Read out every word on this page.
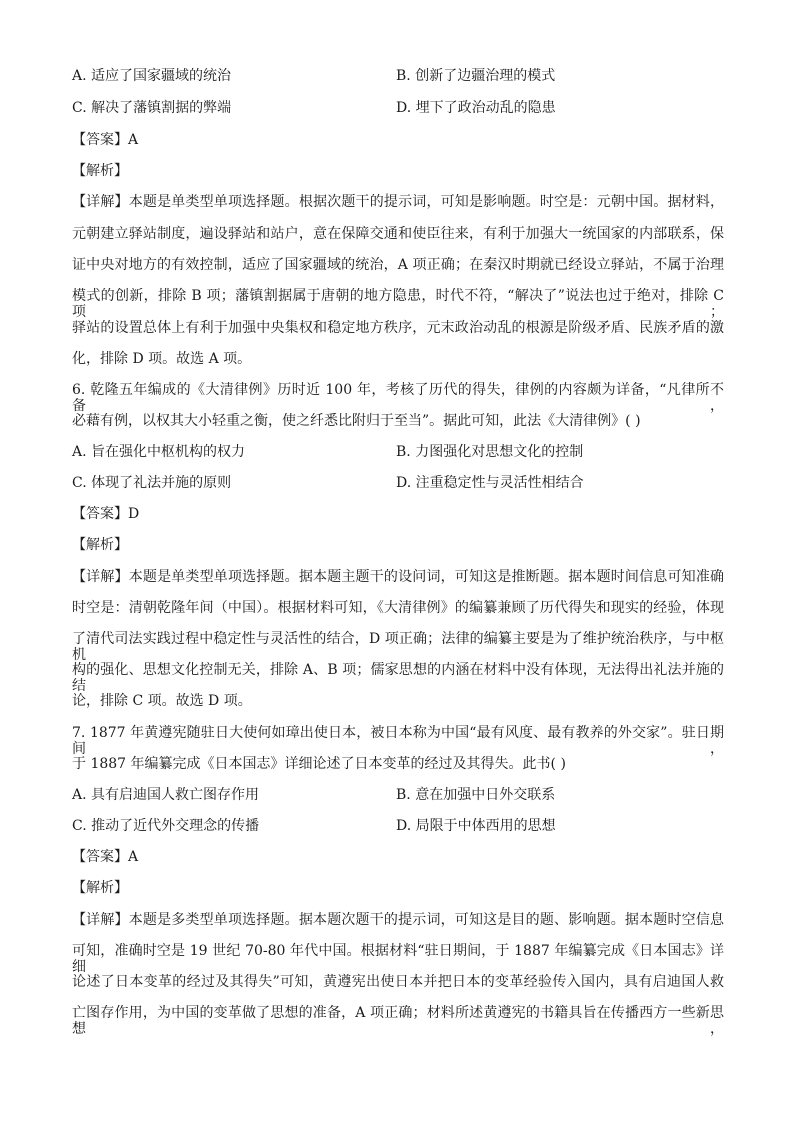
A. 适应了国家疆域的统治	B. 创新了边疆治理的模式
C. 解决了藩镇割据的弊端	D. 埋下了政治动乱的隐患
【答案】A
【解析】
【详解】本题是单类型单项选择题。根据次题干的提示词，可知是影响题。时空是：元朝中国。据材料，
元朝建立驿站制度，遍设驿站和站户，意在保障交通和使臣往来，有利于加强大一统国家的内部联系，保
证中央对地方的有效控制，适应了国家疆域的统治，A 项正确；在秦汉时期就已经设立驿站，不属于治理
模式的创新，排除 B 项；藩镇割据属于唐朝的地方隐患，时代不符，“解决了”说法也过于绝对，排除 C 项；
驿站的设置总体上有利于加强中央集权和稳定地方秩序，元末政治动乱的根源是阶级矛盾、民族矛盾的激
化，排除 D 项。故选 A 项。
6. 乾隆五年编成的《大清律例》历时近 100 年，考核了历代的得失，律例的内容颇为详备，“凡律所不备，
必藉有例，以权其大小轻重之衡，使之纤悉比附归于至当”。据此可知，此法《大清律例》( )
A. 旨在强化中枢机构的权力	B. 力图强化对思想文化的控制
C. 体现了礼法并施的原则	D. 注重稳定性与灵活性相结合
【答案】D
【解析】
【详解】本题是单类型单项选择题。据本题主题干的设问词，可知这是推断题。据本题时间信息可知准确
时空是：清朝乾隆年间（中国）。根据材料可知，《大清律例》的编纂兼顾了历代得失和现实的经验，体现
了清代司法实践过程中稳定性与灵活性的结合，D 项正确；法律的编纂主要是为了维护统治秩序，与中枢机
构的强化、思想文化控制无关，排除 A、B 项；儒家思想的内涵在材料中没有体现，无法得出礼法并施的结
论，排除 C 项。故选 D 项。
7. 1877 年黄遵宪随驻日大使何如璋出使日本，被日本称为中国“最有风度、最有教养的外交家”。驻日期间，
于 1887 年编纂完成《日本国志》详细论述了日本变革的经过及其得失。此书( )
A. 具有启迪国人救亡图存作用	B. 意在加强中日外交联系
C. 推动了近代外交理念的传播	D. 局限于中体西用的思想
【答案】A
【解析】
【详解】本题是多类型单项选择题。据本题次题干的提示词，可知这是目的题、影响题。据本题时空信息
可知，准确时空是 19 世纪 70-80 年代中国。根据材料“驻日期间，于 1887 年编纂完成《日本国志》详细
论述了日本变革的经过及其得失”可知，黄遵宪出使日本并把日本的变革经验传入国内，具有启迪国人救
亡图存作用，为中国的变革做了思想的准备，A 项正确；材料所述黄遵宪的书籍具旨在传播西方一些新思想，
